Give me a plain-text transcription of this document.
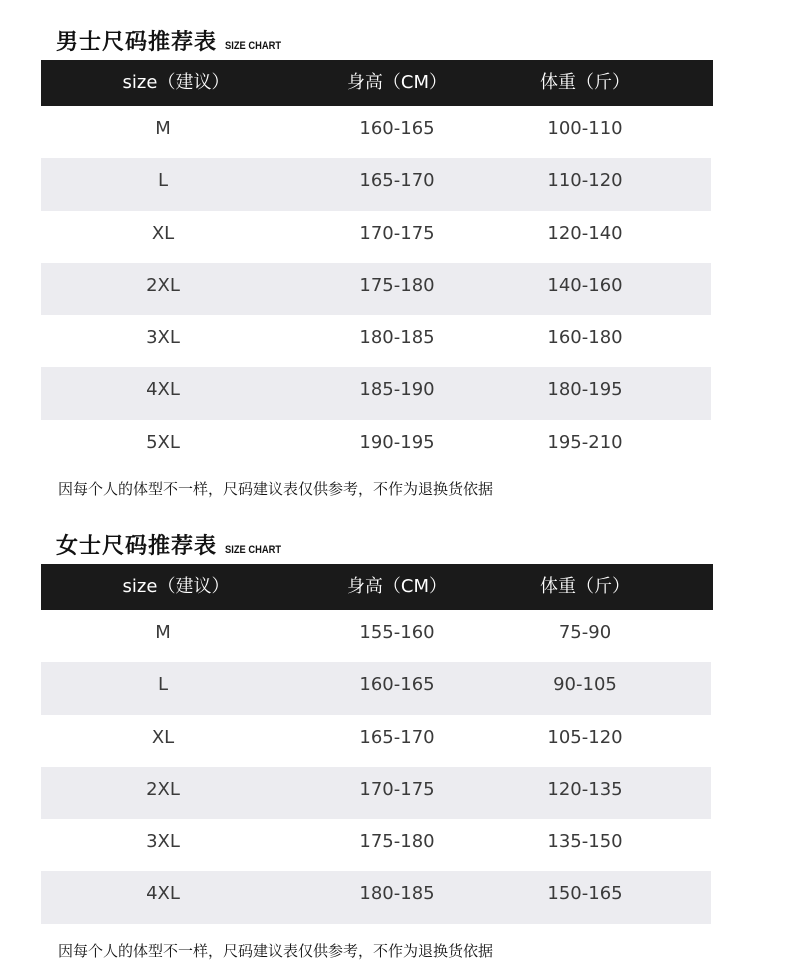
男士尺码推荐表 SIZE CHART
size（建议）	身高（CM）	体重（斤）
M	160-165	100-110
L	165-170	110-120
XL	170-175	120-140
2XL	175-180	140-160
3XL	180-185	160-180
4XL	185-190	180-195
5XL	190-195	195-210
因每个人的体型不一样，尺码建议表仅供参考，不作为退换货依据
女士尺码推荐表 SIZE CHART
size（建议）	身高（CM）	体重（斤）
M	155-160	75-90
L	160-165	90-105
XL	165-170	105-120
2XL	170-175	120-135
3XL	175-180	135-150
4XL	180-185	150-165
因每个人的体型不一样，尺码建议表仅供参考，不作为退换货依据
